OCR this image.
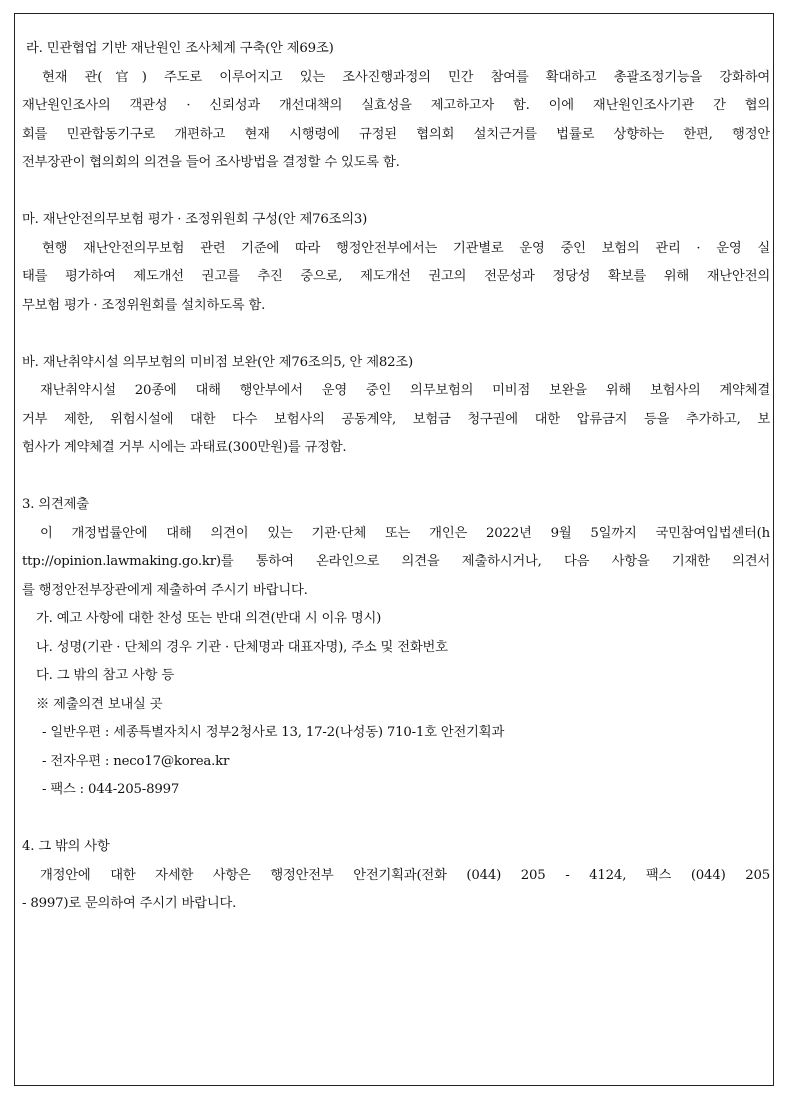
라. 민관협업 기반 재난원인 조사체계 구축(안 제69조)
현재 관(官) 주도로 이루어지고 있는 조사진행과정의 민간 참여를 확대하고 총괄조정기능을 강화하여
재난원인조사의 객관성 · 신뢰성과 개선대책의 실효성을 제고하고자 함. 이에 재난원인조사기관 간 협의
회를 민관합동기구로 개편하고 현재 시행령에 규정된 협의회 설치근거를 법률로 상향하는 한편, 행정안
전부장관이 협의회의 의견을 들어 조사방법을 결정할 수 있도록 함.
마. 재난안전의무보험 평가 · 조정위원회 구성(안 제76조의3)
현행 재난안전의무보험 관련 기준에 따라 행정안전부에서는 기관별로 운영 중인 보험의 관리 · 운영 실
태를 평가하여 제도개선 권고를 추진 중으로, 제도개선 권고의 전문성과 정당성 확보를 위해 재난안전의
무보험 평가 · 조정위원회를 설치하도록 함.
바. 재난취약시설 의무보험의 미비점 보완(안 제76조의5, 안 제82조)
재난취약시설 20종에 대해 행안부에서 운영 중인 의무보험의 미비점 보완을 위해 보험사의 계약체결
거부 제한, 위험시설에 대한 다수 보험사의 공동계약, 보험금 청구권에 대한 압류금지 등을 추가하고, 보
험사가 계약체결 거부 시에는 과태료(300만원)를 규정함.
3. 의견제출
이 개정법률안에 대해 의견이 있는 기관·단체 또는 개인은 2022년 9월 5일까지 국민참여입법센터(h
ttp://opinion.lawmaking.go.kr)를 통하여 온라인으로 의견을 제출하시거나, 다음 사항을 기재한 의견서
를 행정안전부장관에게 제출하여 주시기 바랍니다.
가. 예고 사항에 대한 찬성 또는 반대 의견(반대 시 이유 명시)
나. 성명(기관 · 단체의 경우 기관 · 단체명과 대표자명), 주소 및 전화번호
다. 그 밖의 참고 사항 등
※ 제출의견 보내실 곳
- 일반우편 : 세종특별자치시 정부2청사로 13, 17-2(나성동) 710-1호 안전기획과
- 전자우편 : neco17@korea.kr
- 팩스 : 044-205-8997
4. 그 밖의 사항
개정안에 대한 자세한 사항은 행정안전부 안전기획과(전화 (044) 205 - 4124, 팩스 (044) 205
- 8997)로 문의하여 주시기 바랍니다.
